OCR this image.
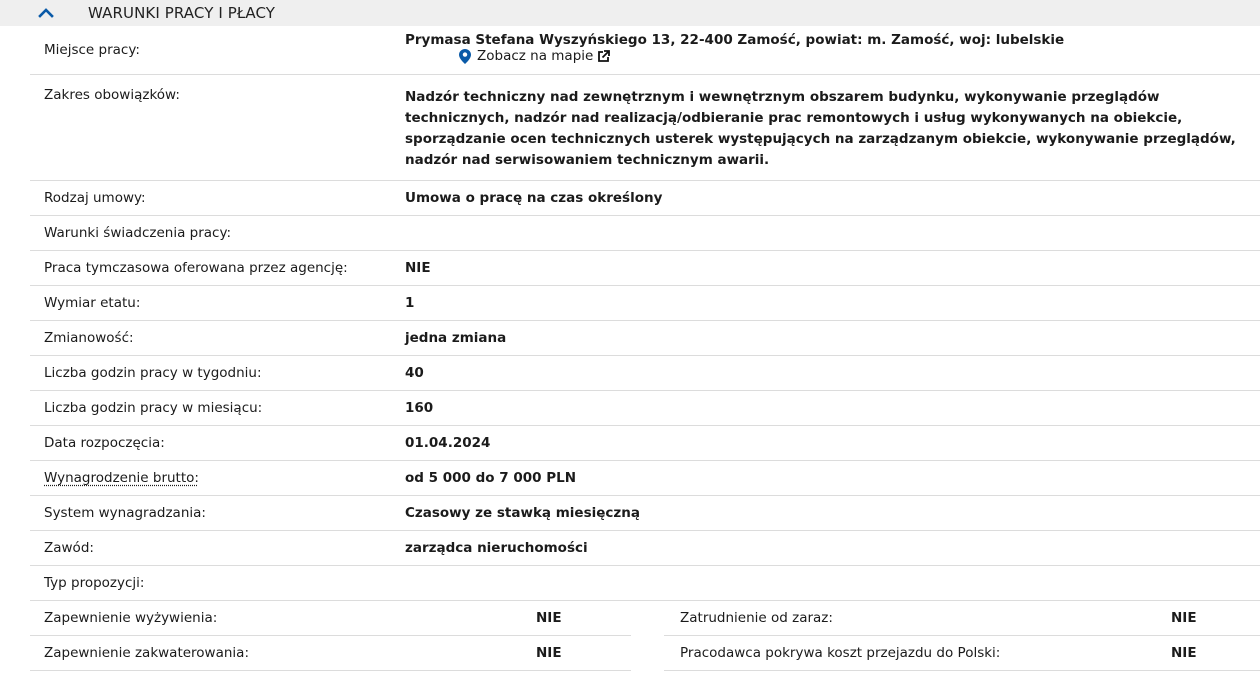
WARUNKI PRACY I PŁACY
Miejsce pracy:
Prymasa Stefana Wyszyńskiego 13, 22-400 Zamość, powiat: m. Zamość, woj: lubelskie
Zobacz na mapie
Zakres obowiązków:	Nadzór techniczny nad zewnętrznym i wewnętrznym obszarem budynku, wykonywanie przeglądów technicznych, nadzór nad realizacją/odbieranie prac remontowych i usług wykonywanych na obiekcie, sporządzanie ocen technicznych usterek występujących na zarządzanym obiekcie, wykonywanie przeglądów, nadzór nad serwisowaniem technicznym awarii.
Rodzaj umowy:	Umowa o pracę na czas określony
Warunki świadczenia pracy:
Praca tymczasowa oferowana przez agencję:	NIE
Wymiar etatu:	1
Zmianowość:	jedna zmiana
Liczba godzin pracy w tygodniu:	40
Liczba godzin pracy w miesiącu:	160
Data rozpoczęcia:	01.04.2024
Wynagrodzenie brutto:	od 5 000 do 7 000 PLN
System wynagradzania:	Czasowy ze stawką miesięczną
Zawód:	zarządca nieruchomości
Typ propozycji:
Zapewnienie wyżywienia:	NIE
Zapewnienie zakwaterowania:	NIE
Zatrudnienie od zaraz:	NIE
Pracodawca pokrywa koszt przejazdu do Polski:	NIE
